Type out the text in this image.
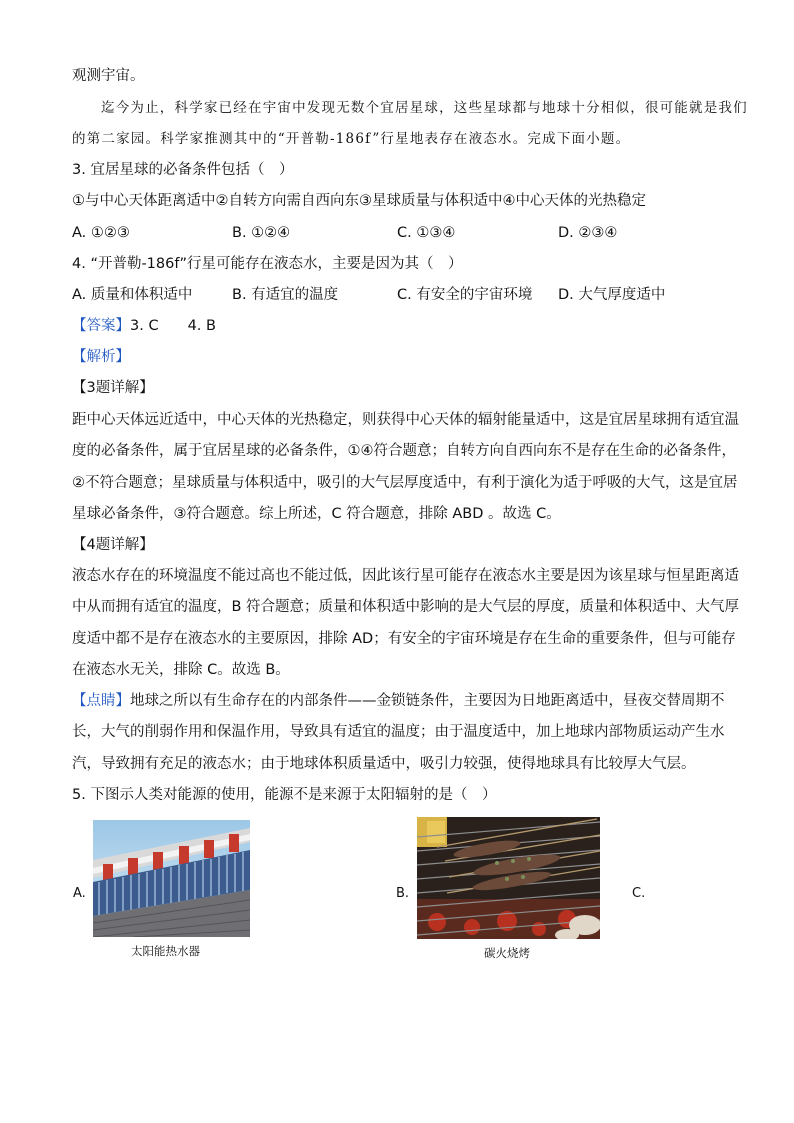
观测宇宙。
迄今为止，科学家已经在宇宙中发现无数个宜居星球，这些星球都与地球十分相似，很可能就是我们
的第二家园。科学家推测其中的“开普勒-186f”行星地表存在液态水。完成下面小题。
3. 宜居星球的必备条件包括（　）
①与中心天体距离适中②自转方向需自西向东③星球质量与体积适中④中心天体的光热稳定
A. ①②③	B. ①②④	C. ①③④	D. ②③④
4. “开普勒-186f”行星可能存在液态水，主要是因为其（　）
A. 质量和体积适中	B. 有适宜的温度	C. 有安全的宇宙环境 D. 大气厚度适中
【答案】3. C　　4. B
【解析】
【3题详解】
距中心天体远近适中，中心天体的光热稳定，则获得中心天体的辐射能量适中，这是宜居星球拥有适宜温
度的必备条件，属于宜居星球的必备条件，①④符合题意；自转方向自西向东不是存在生命的必备条件，
②不符合题意；星球质量与体积适中，吸引的大气层厚度适中，有利于演化为适于呼吸的大气，这是宜居
星球必备条件，③符合题意。综上所述，C 符合题意，排除 ABD 。故选 C。
【4题详解】
液态水存在的环境温度不能过高也不能过低，因此该行星可能存在液态水主要是因为该星球与恒星距离适
中从而拥有适宜的温度，B 符合题意；质量和体积适中影响的是大气层的厚度，质量和体积适中、大气厚
度适中都不是存在液态水的主要原因，排除 AD；有安全的宇宙环境是存在生命的重要条件，但与可能存
在液态水无关，排除 C。故选 B。
【点睛】地球之所以有生命存在的内部条件——金锁链条件，主要因为日地距离适中，昼夜交替周期不
长，大气的削弱作用和保温作用，导致具有适宜的温度；由于温度适中，加上地球内部物质运动产生水
汽，导致拥有充足的液态水；由于地球体积质量适中，吸引力较强，使得地球具有比较厚大气层。
5. 下图示人类对能源的使用，能源不是来源于太阳辐射的是（　）
A.
太阳能热水器
B.
碳火烧烤
C.
